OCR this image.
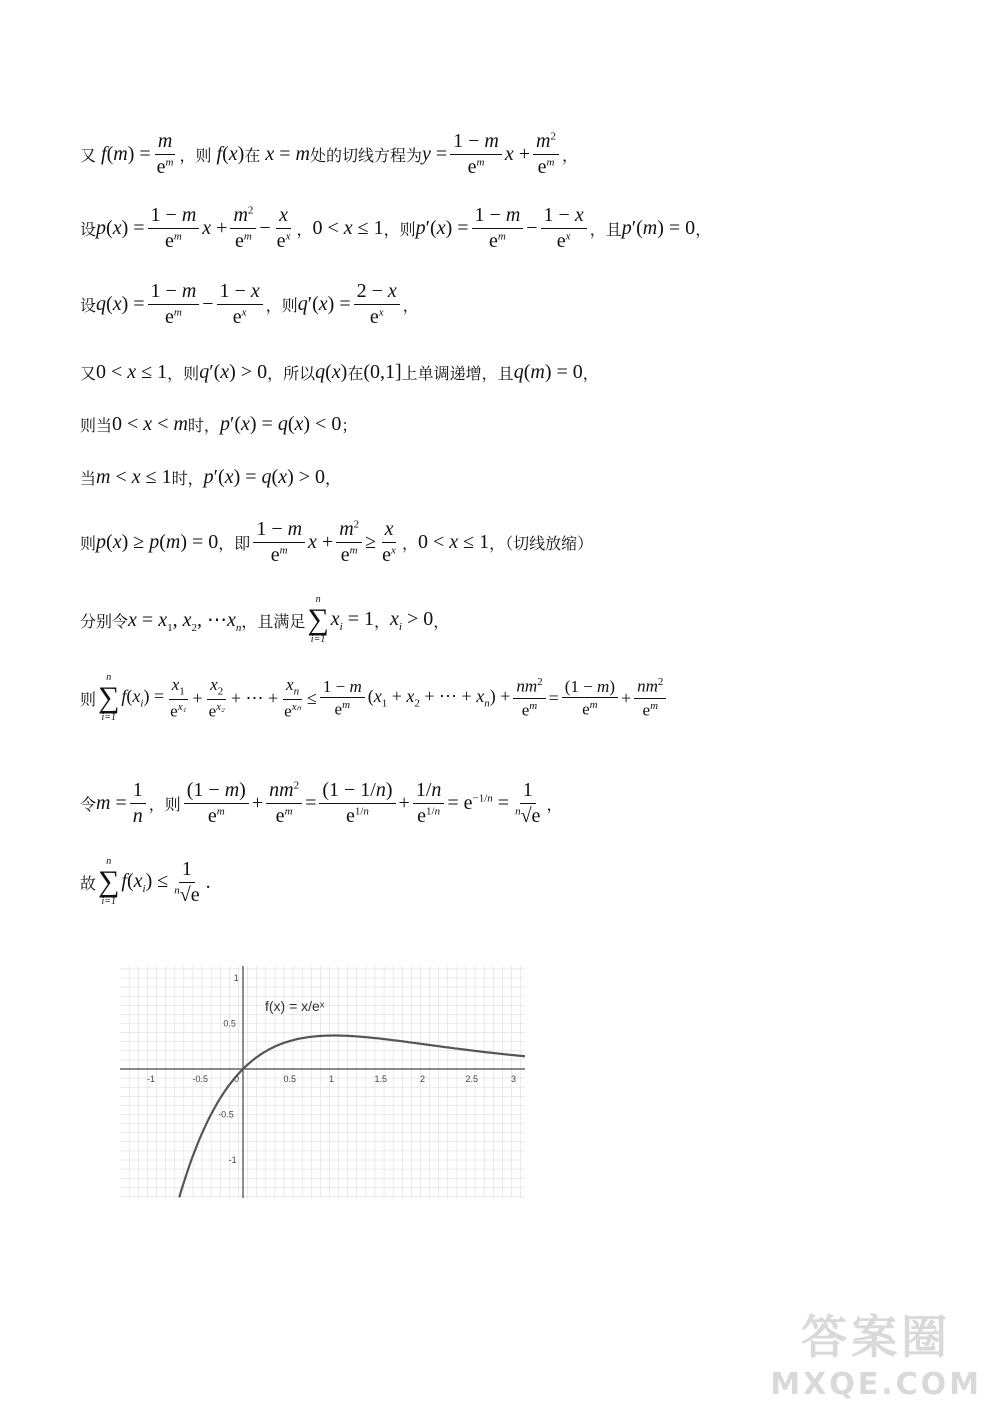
又 $f(m) = \frac{m}{e^m}$ ，则 f(x) 在 x = m 处的切线方程为 $y = \frac{1 - m}{e^m}$ $x + \frac{m^2}{e^m}$ ，
设 $p(x) = \frac{1 - m}{e^m}$ $x + \frac{m^2}{e^m} - \frac{x}{e^x}$ ， 0 < x ≤ 1 ，则 $p'(x) = \frac{1 - m}{e^m} - \frac{1 - x}{e^x}$ ，且 p′(m) = 0 ，
设 $q(x) = \frac{1 - m}{e^m} - \frac{1 - x}{e^x}$ ，则 $q'(x) = \frac{2 - x}{e^x}$ ，
又 0 < x ≤ 1 ，则 q′(x) > 0 ，所以 q(x) 在 (0,1] 上单调递增，且 q(m) = 0 ，
则当 0 < x < m 时， p′(x) = q(x) < 0 ；
当 m < x ≤ 1 时， p′(x) = q(x) > 0 ，
则 p(x) ≥ p(m) = 0 ，即 $\frac{1 - m}{e^m}$ $x + \frac{m^2}{e^m} \ge \frac{x}{e^x}$ ， 0 < x ≤ 1 ，（切线放缩）
分别令 $x = x_1$, $x_2$, $\cdots x_n$ ，且满足
n
∑
i=1
$x_i = 1$ ， $x_i > 0$ ，
则
n
∑
i=1
$f(x_i) = \frac{x_1}{e^{x_1}} + \frac{x_2}{e^{x_2}}$ + ⋯ + $\frac{x_n}{e^{x_n}} \le \frac{1 - m}{e^m} (x_1 + x_2$ + ⋯ + $x_n) + \frac{nm^2}{e^m} = \frac{(1 - m)}{e^m} + \frac{nm^2}{e^m}$
令 $m = \frac{1}{n}$ ，则 $\frac{(1 - m)}{e^m} + \frac{nm^2}{e^m} = \frac{(1 - 1/n)}{e^{1/n}} + \frac{1/n}{e^{1/n}} = e^{-1/n} = \frac{1}{^n√e}$ ，
故
n
∑
i=1
$f(x_i) \le \frac{1}{^n√e}$ .
-1	-0.5	0	0.5	1	1.5	2	2.5	3
1
0.5
-0.5
-1
f(x) = x/eˣ
答案圈
MXQE.COM
